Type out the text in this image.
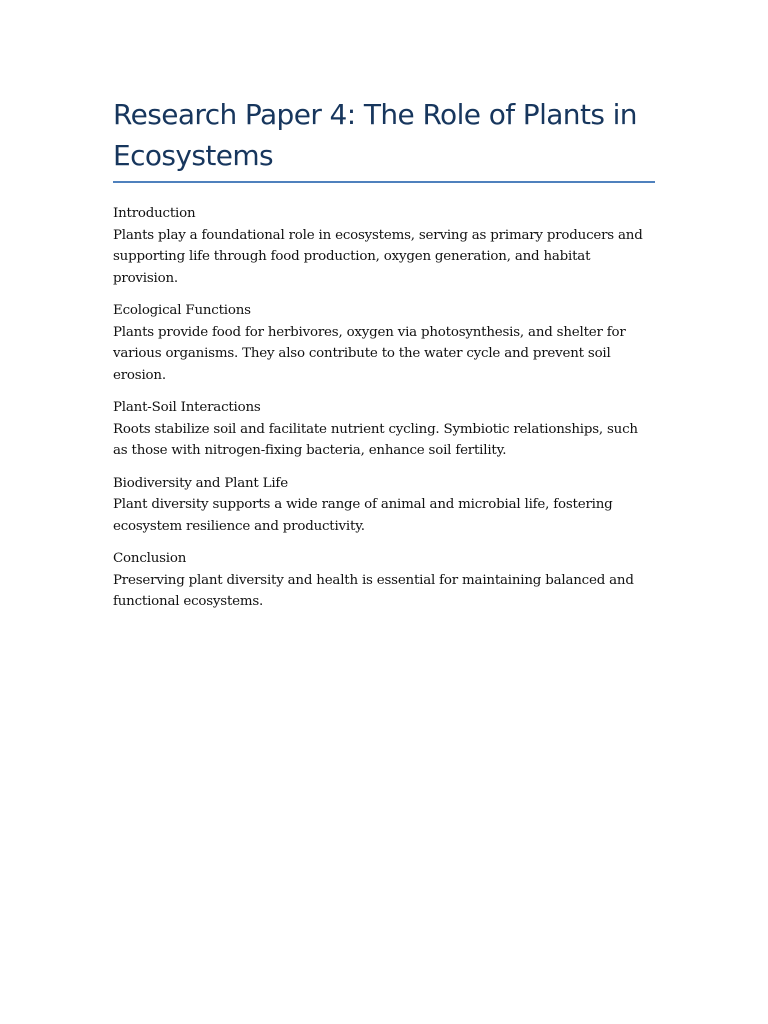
Research Paper 4: The Role of Plants in Ecosystems

Introduction

Plants play a foundational role in ecosystems, serving as primary producers and supporting life through food production, oxygen generation, and habitat provision.

Ecological Functions

Plants provide food for herbivores, oxygen via photosynthesis, and shelter for various organisms. They also contribute to the water cycle and prevent soil erosion.

Plant-Soil Interactions

Roots stabilize soil and facilitate nutrient cycling. Symbiotic relationships, such as those with nitrogen-fixing bacteria, enhance soil fertility.

Biodiversity and Plant Life

Plant diversity supports a wide range of animal and microbial life, fostering ecosystem resilience and productivity.

Conclusion

Preserving plant diversity and health is essential for maintaining balanced and functional ecosystems.
